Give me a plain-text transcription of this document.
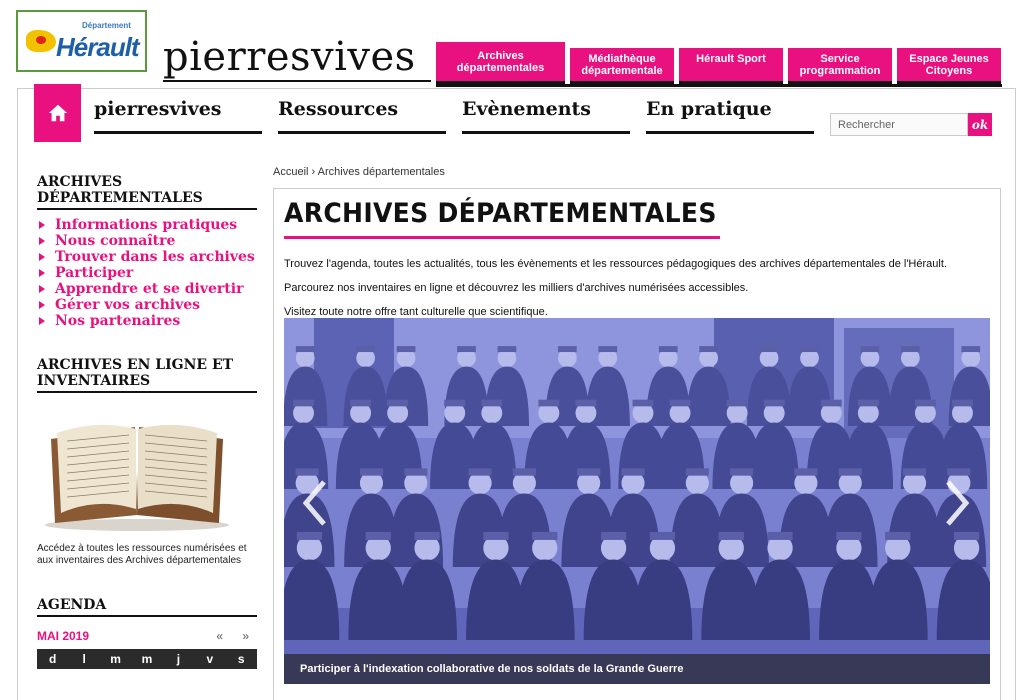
Département
Hérault pierresvives	Archives départementales
Médiathèque départementale
Hérault Sport	Service programmation
Espace Jeunes Citoyens
pierresvives	Ressources	Evènements	En pratique
Rechercher
ok
ARCHIVES DÉPARTEMENTALES
Informations pratiques
Nous connaître
Trouver dans les archives
Participer
Apprendre et se divertir
Gérer vos archives
Nos partenaires
ARCHIVES EN LIGNE ET INVENTAIRES
Accédez à toutes les ressources numérisées et aux inventaires des Archives départementales
AGENDA
MAI 2019	« »
d	l	m	m	j	v	s
Accueil › Archives départementales
ARCHIVES DÉPARTEMENTALES

Trouvez l'agenda, toutes les actualités, tous les évènements et les ressources pédagogiques des archives départementales de l'Hérault.

Parcourez nos inventaires en ligne et découvrez les milliers d'archives numérisées accessibles.

Visitez toute notre offre tant culturelle que scientifique.

Participer à l'indexation collaborative de nos soldats de la Grande Guerre
